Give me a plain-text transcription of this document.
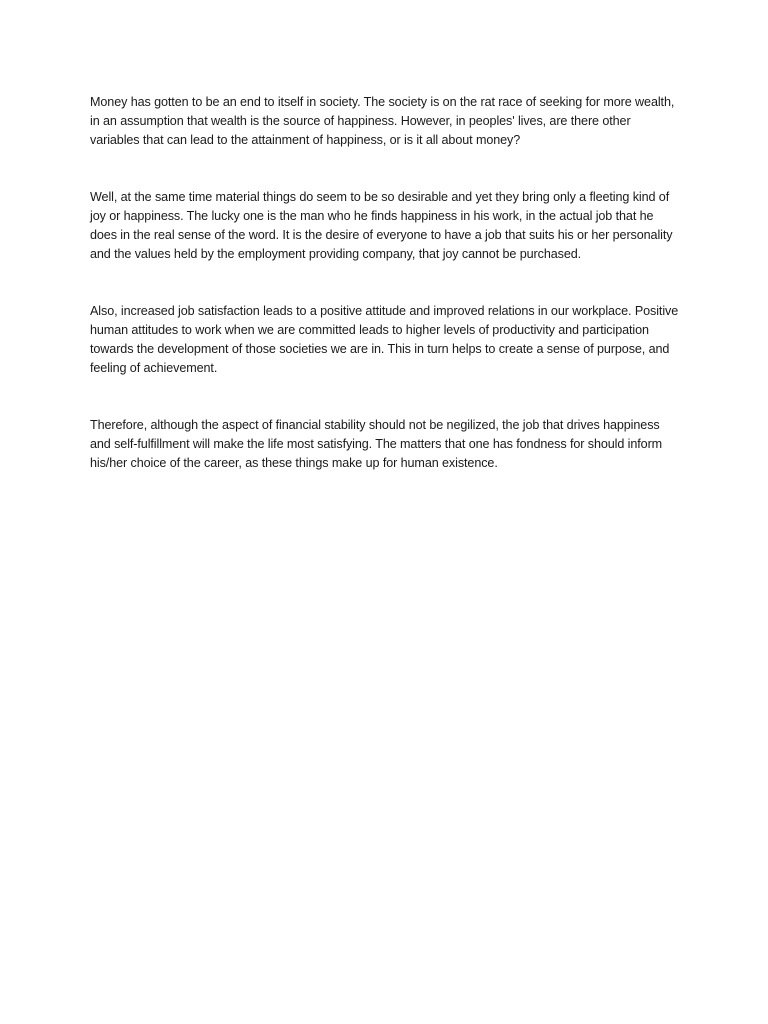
Money has gotten to be an end to itself in society. The society is on the rat race of seeking for more wealth, in an assumption that wealth is the source of happiness. However, in peoples' lives, are there other variables that can lead to the attainment of happiness, or is it all about money?

Well, at the same time material things do seem to be so desirable and yet they bring only a fleeting kind of joy or happiness. The lucky one is the man who he finds happiness in his work, in the actual job that he does in the real sense of the word. It is the desire of everyone to have a job that suits his or her personality and the values held by the employment providing company, that joy cannot be purchased.

Also, increased job satisfaction leads to a positive attitude and improved relations in our workplace. Positive human attitudes to work when we are committed leads to higher levels of productivity and participation towards the development of those societies we are in. This in turn helps to create a sense of purpose, and feeling of achievement.

Therefore, although the aspect of financial stability should not be negilized, the job that drives happiness and self-fulfillment will make the life most satisfying. The matters that one has fondness for should inform his/her choice of the career, as these things make up for human existence.
